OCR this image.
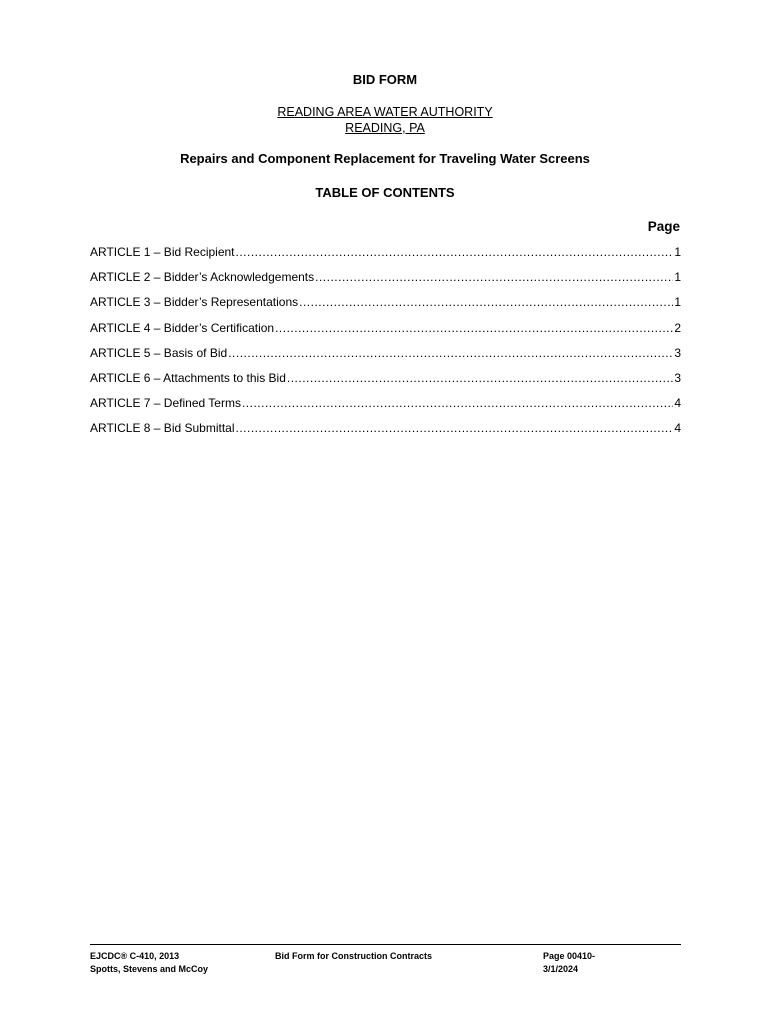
BID FORM
READING AREA WATER AUTHORITY
READING, PA
Repairs and Component Replacement for Traveling Water Screens
TABLE OF CONTENTS
Page
ARTICLE 1 – Bid Recipient .....	1
ARTICLE 2 – Bidder’s Acknowledgements .....	1
ARTICLE 3 – Bidder’s Representations .....	1
ARTICLE 4 – Bidder’s Certification .....	2
ARTICLE 5 – Basis of Bid .....	3
ARTICLE 6 – Attachments to this Bid .....	3
ARTICLE 7 – Defined Terms .....	4
ARTICLE 8 – Bid Submittal .....	4
EJCDC® C-410, 2013
Spotts, Stevens and McCoy
Bid Form for Construction Contracts	Page 00410-
3/1/2024
